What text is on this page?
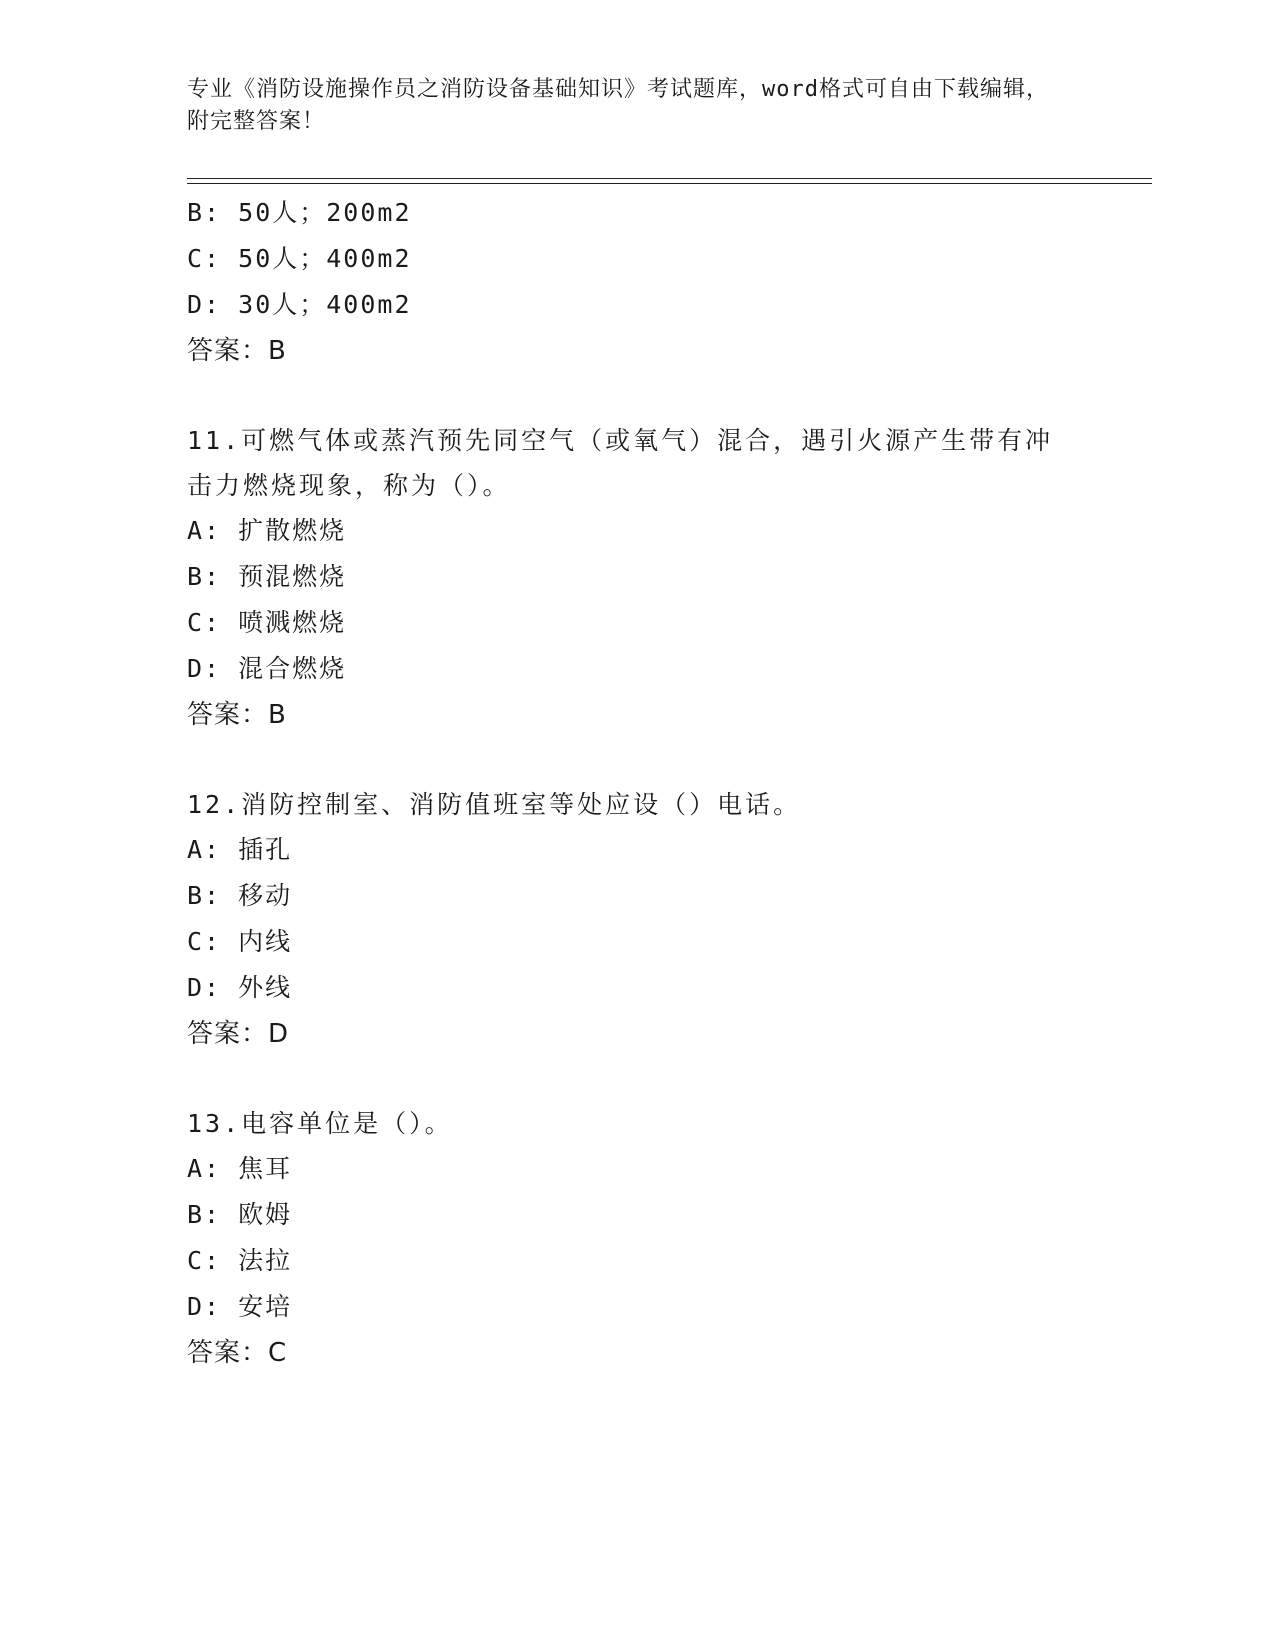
专业《消防设施操作员之消防设备基础知识》考试题库，word格式可自由下载编辑，附完整答案！
B: 50人；200m2
C: 50人；400m2
D: 30人；400m2
答案：B
11.可燃气体或蒸汽预先同空气（或氧气）混合，遇引火源产生带有冲击力燃烧现象，称为（）。
A: 扩散燃烧
B: 预混燃烧
C: 喷溅燃烧
D: 混合燃烧
答案：B
12.消防控制室、消防值班室等处应设（）电话。
A: 插孔
B: 移动
C: 内线
D: 外线
答案：D
13.电容单位是（）。
A: 焦耳
B: 欧姆
C: 法拉
D: 安培
答案：C
